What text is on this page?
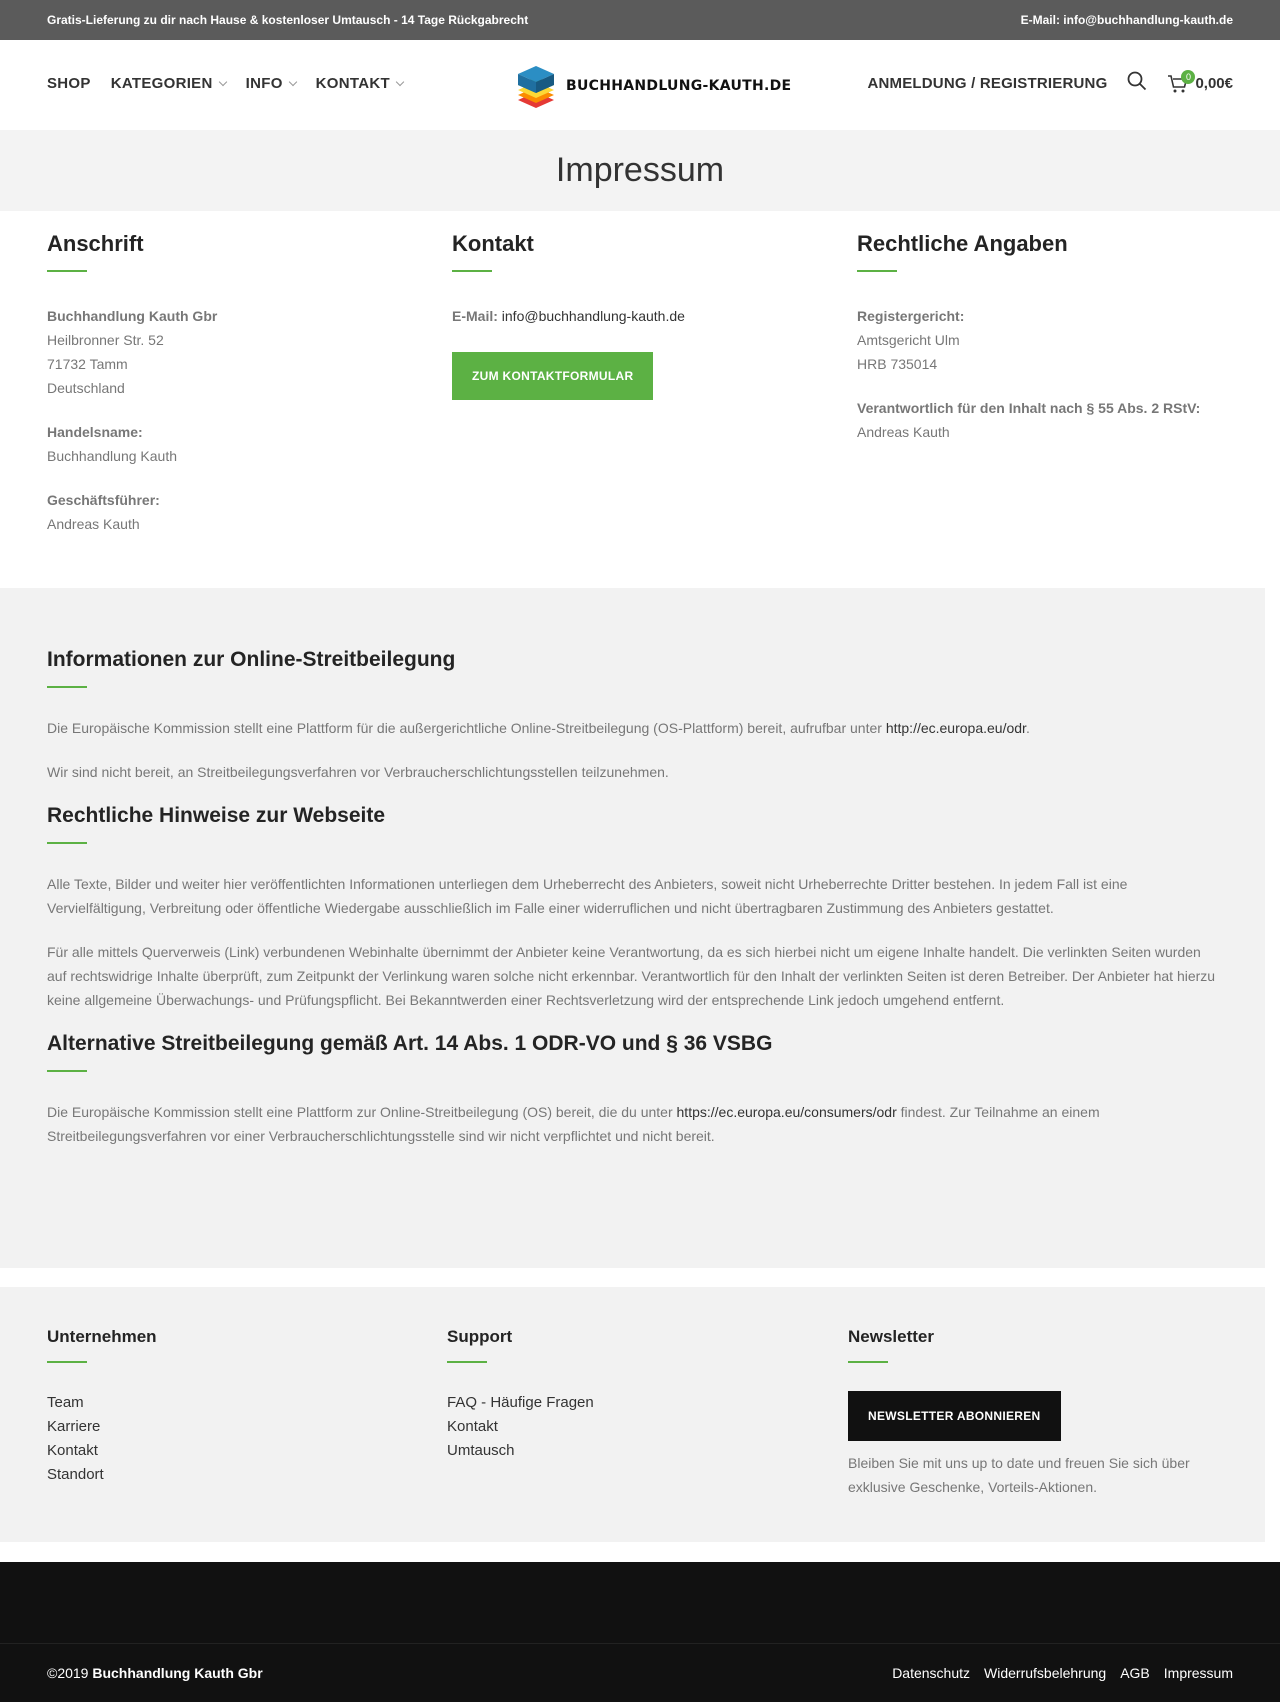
Gratis-Lieferung zu dir nach Hause & kostenloser Umtausch - 14 Tage Rückgabrecht	E-Mail: info@buchhandlung-kauth.de
SHOP KATEGORIEN INFO KONTAKT	BUCHHANDLUNG-KAUTH.DE	ANMELDUNG / REGISTRIERUNG	0 0,00€
Impressum
Anschrift

Buchhandlung Kauth Gbr
Heilbronner Str. 52
71732 Tamm
Deutschland

Handelsname:
Buchhandlung Kauth

Geschäftsführer:
Andreas Kauth

Kontakt
E-Mail: info@buchhandlung-kauth.de
ZUM KONTAKTFORMULAR
Rechtliche Angaben

Registergericht:
Amtsgericht Ulm
HRB 735014

Verantwortlich für den Inhalt nach § 55 Abs. 2 RStV:
Andreas Kauth

Informationen zur Online-Streitbeilegung

Die Europäische Kommission stellt eine Plattform für die außergerichtliche Online-Streitbeilegung (OS-Plattform) bereit, aufrufbar unter http://ec.europa.eu/odr.

Wir sind nicht bereit, an Streitbeilegungsverfahren vor Verbraucherschlichtungsstellen teilzunehmen.

Rechtliche Hinweise zur Webseite

Alle Texte, Bilder und weiter hier veröffentlichten Informationen unterliegen dem Urheberrecht des Anbieters, soweit nicht Urheberrechte Dritter bestehen. In jedem Fall ist eine Vervielfältigung, Verbreitung oder öffentliche Wiedergabe ausschließlich im Falle einer widerruflichen und nicht übertragbaren Zustimmung des Anbieters gestattet.

Für alle mittels Querverweis (Link) verbundenen Webinhalte übernimmt der Anbieter keine Verantwortung, da es sich hierbei nicht um eigene Inhalte handelt. Die verlinkten Seiten wurden auf rechtswidrige Inhalte überprüft, zum Zeitpunkt der Verlinkung waren solche nicht erkennbar. Verantwortlich für den Inhalt der verlinkten Seiten ist deren Betreiber. Der Anbieter hat hierzu keine allgemeine Überwachungs- und Prüfungspflicht. Bei Bekanntwerden einer Rechtsverletzung wird der entsprechende Link jedoch umgehend entfernt.

Alternative Streitbeilegung gemäß Art. 14 Abs. 1 ODR-VO und § 36 VSBG

Die Europäische Kommission stellt eine Plattform zur Online-Streitbeilegung (OS) bereit, die du unter https://ec.europa.eu/consumers/odr findest. Zur Teilnahme an einem Streitbeilegungsverfahren vor einer Verbraucherschlichtungsstelle sind wir nicht verpflichtet und nicht bereit.

Unternehmen
Team
Karriere
Kontakt
Standort
Support
FAQ - Häufige Fragen
Kontakt
Umtausch
Newsletter
NEWSLETTER ABONNIEREN
Bleiben Sie mit uns up to date und freuen Sie sich über exklusive Geschenke, Vorteils-Aktionen.
©2019 Buchhandlung Kauth Gbr	Datenschutz Widerrufsbelehrung AGB Impressum
